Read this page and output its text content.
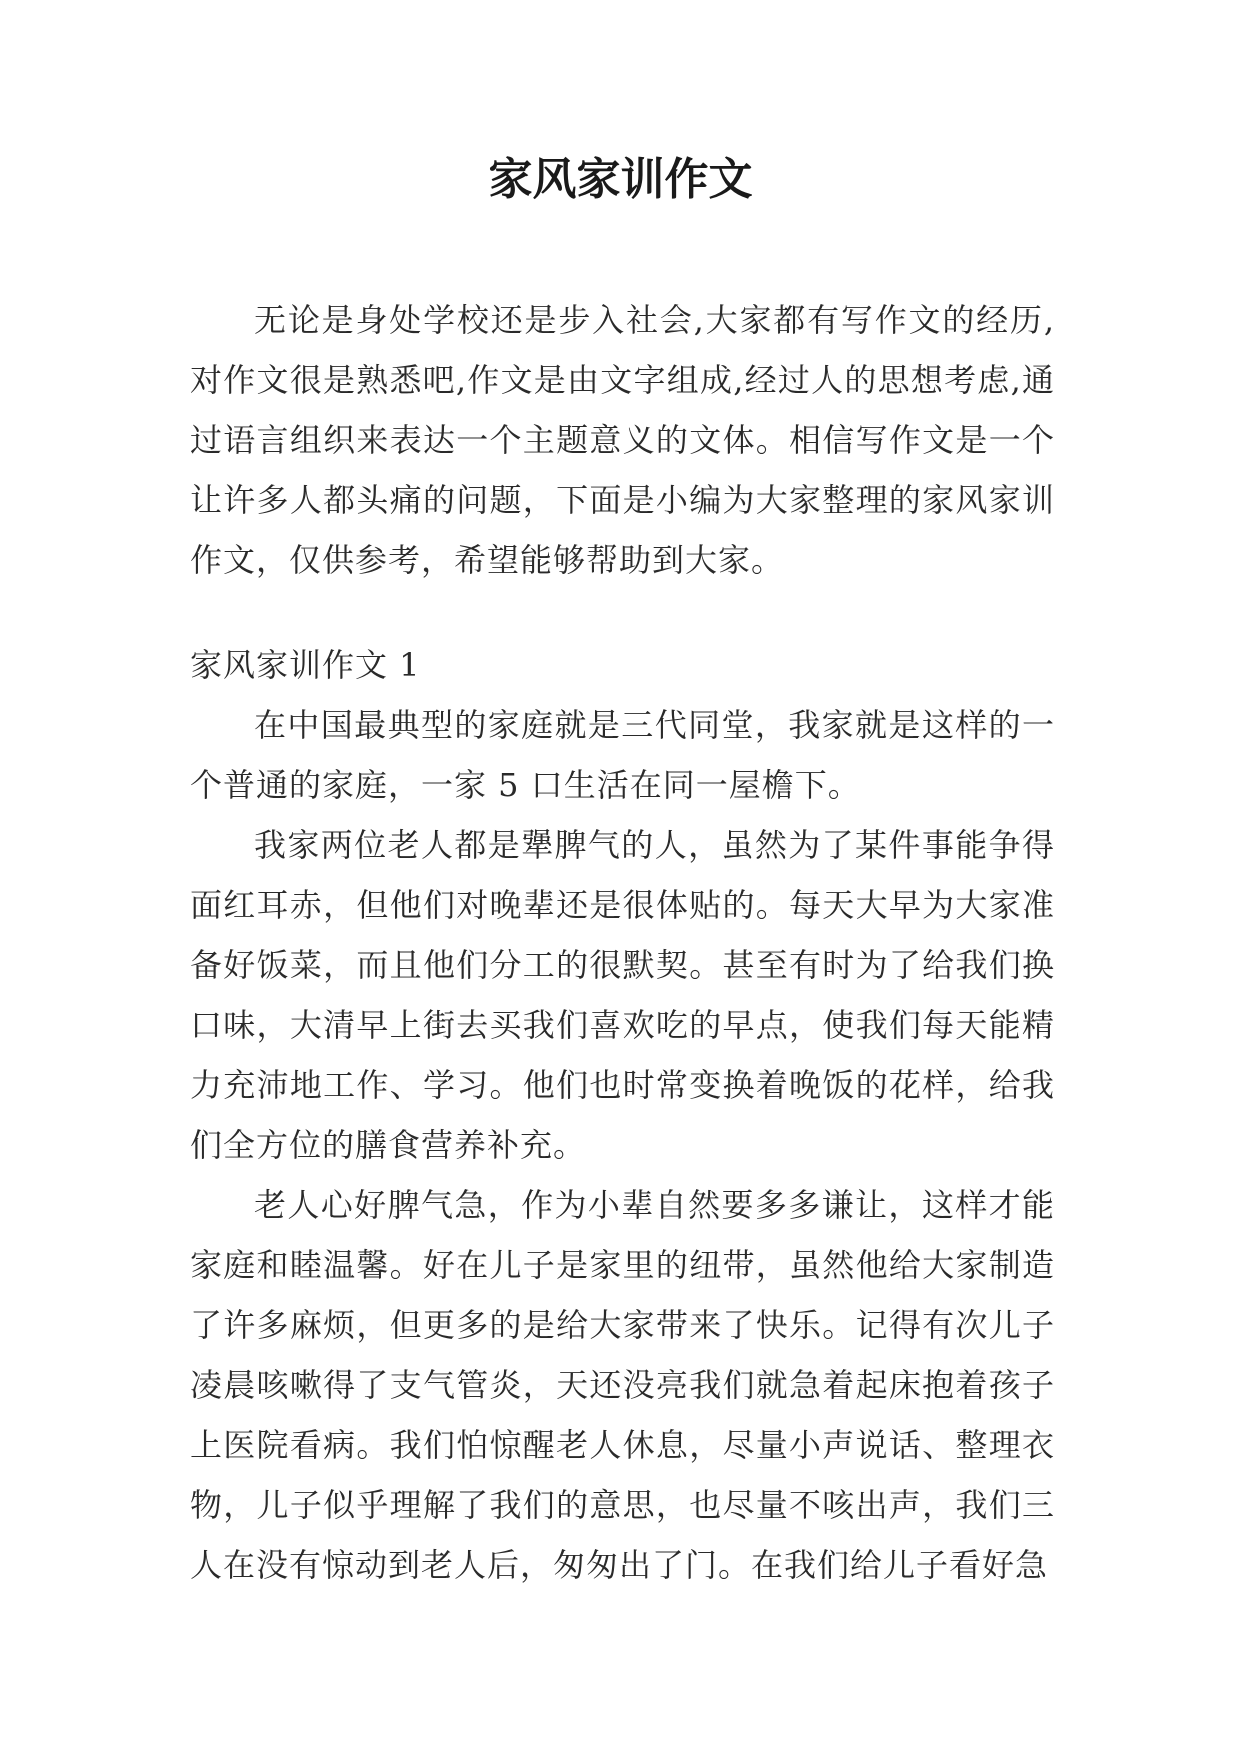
家风家训作文

无论是身处学校还是步入社会,大家都有写作文的经历,对作文很是熟悉吧,作文是由文字组成,经过人的思想考虑,通过语言组织来表达一个主题意义的文体。相信写作文是一个让许多人都头痛的问题，下面是小编为大家整理的家风家训作文，仅供参考，希望能够帮助到大家。

家风家训作文 1

在中国最典型的家庭就是三代同堂，我家就是这样的一个普通的家庭，一家 5 口生活在同一屋檐下。

我家两位老人都是犟脾气的人，虽然为了某件事能争得面红耳赤，但他们对晚辈还是很体贴的。每天大早为大家准备好饭菜，而且他们分工的很默契。甚至有时为了给我们换口味，大清早上街去买我们喜欢吃的早点，使我们每天能精力充沛地工作、学习。他们也时常变换着晚饭的花样，给我们全方位的膳食营养补充。

老人心好脾气急，作为小辈自然要多多谦让，这样才能家庭和睦温馨。好在儿子是家里的纽带，虽然他给大家制造了许多麻烦，但更多的是给大家带来了快乐。记得有次儿子凌晨咳嗽得了支气管炎，天还没亮我们就急着起床抱着孩子上医院看病。我们怕惊醒老人休息，尽量小声说话、整理衣物，儿子似乎理解了我们的意思，也尽量不咳出声，我们三人在没有惊动到老人后，匆匆出了门。在我们给儿子看好急
